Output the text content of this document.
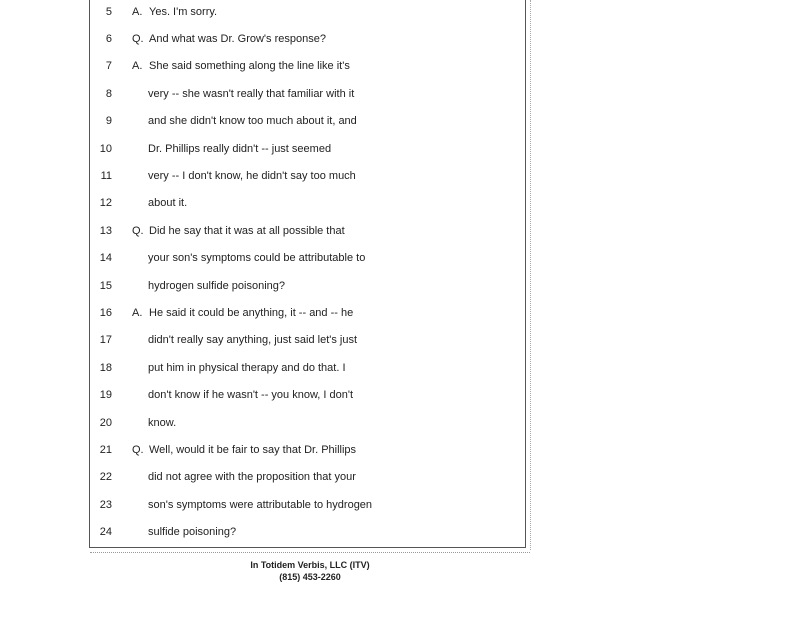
5 A. Yes. I'm sorry.
6 Q. And what was Dr. Grow's response?
7 A. She said something along the line like it's
8	very -- she wasn't really that familiar with it
9	and she didn't know too much about it, and
10	Dr. Phillips really didn't -- just seemed
11	very -- I don't know, he didn't say too much
12	about it.
13 Q. Did he say that it was at all possible that
14	your son's symptoms could be attributable to
15	hydrogen sulfide poisoning?
16 A. He said it could be anything, it -- and -- he
17	didn't really say anything, just said let's just
18	put him in physical therapy and do that. I
19	don't know if he wasn't -- you know, I don't
20	know.
21 Q. Well, would it be fair to say that Dr. Phillips
22	did not agree with the proposition that your
23	son's symptoms were attributable to hydrogen
24	sulfide poisoning?
In Totidem Verbis, LLC (ITV)
(815) 453-2260
